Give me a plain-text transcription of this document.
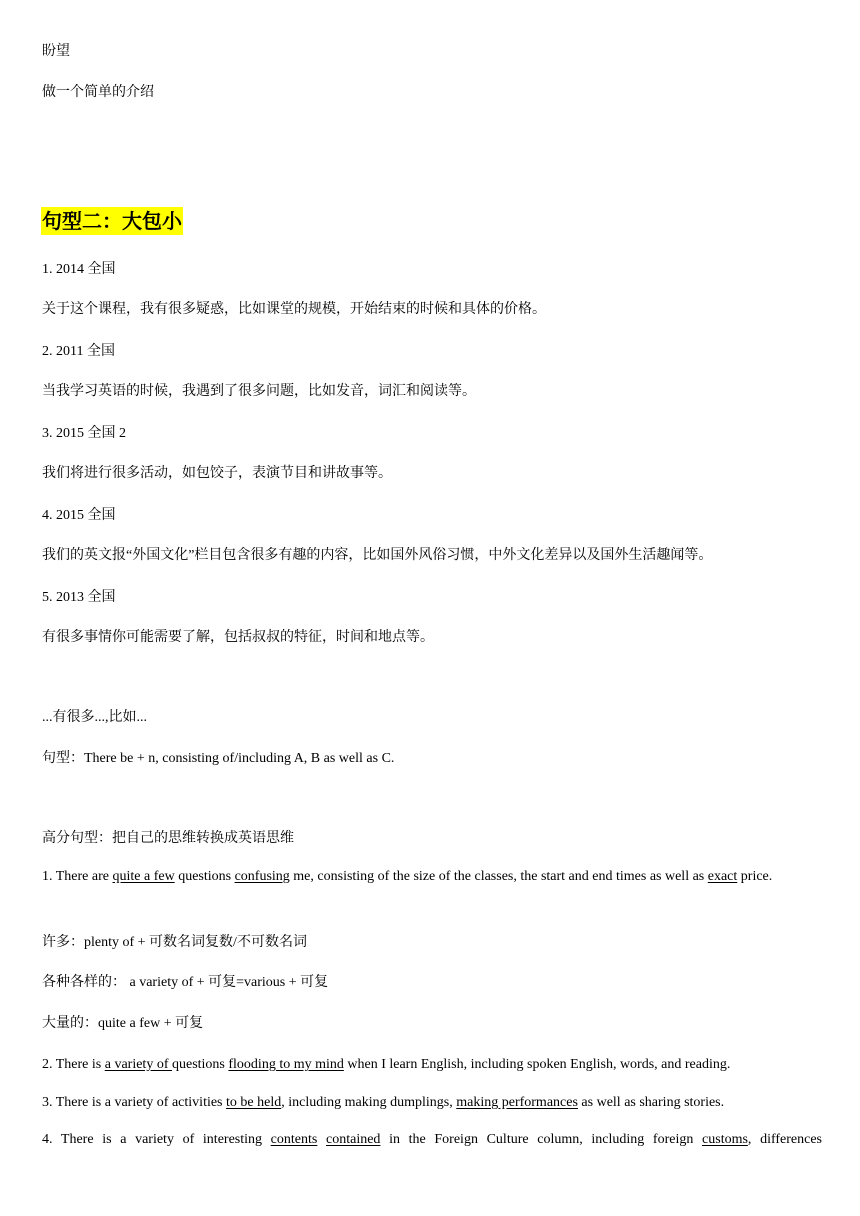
盼望
做一个简单的介绍
句型二：大包小
1. 2014 全国
关于这个课程，我有很多疑惑，比如课堂的规模，开始结束的时候和具体的价格。
2. 2011 全国
当我学习英语的时候，我遇到了很多问题，比如发音，词汇和阅读等。
3. 2015 全国 2
我们将进行很多活动，如包饺子，表演节目和讲故事等。
4. 2015 全国
我们的英文报“外国文化”栏目包含很多有趣的内容，比如国外风俗习惯，中外文化差异以及国外生活趣闻等。
5. 2013 全国
有很多事情你可能需要了解，包括叔叔的特征，时间和地点等。
...有很多...,比如...
句型：There be + n, consisting of/including A, B as well as C.
高分句型：把自己的思维转换成英语思维
1. There are quite a few questions confusing me, consisting of the size of the classes, the start and end times as well as exact price.
许多：plenty of + 可数名词复数/不可数名词
各种各样的： a variety of + 可复=various + 可复
大量的：quite a few + 可复
2. There is a variety of questions flooding to my mind when I learn English, including spoken English, words, and reading.
3. There is a variety of activities to be held, including making dumplings, making performances as well as sharing stories.
4. There is a variety of interesting contents contained in the Foreign Culture column, including foreign customs, differences
